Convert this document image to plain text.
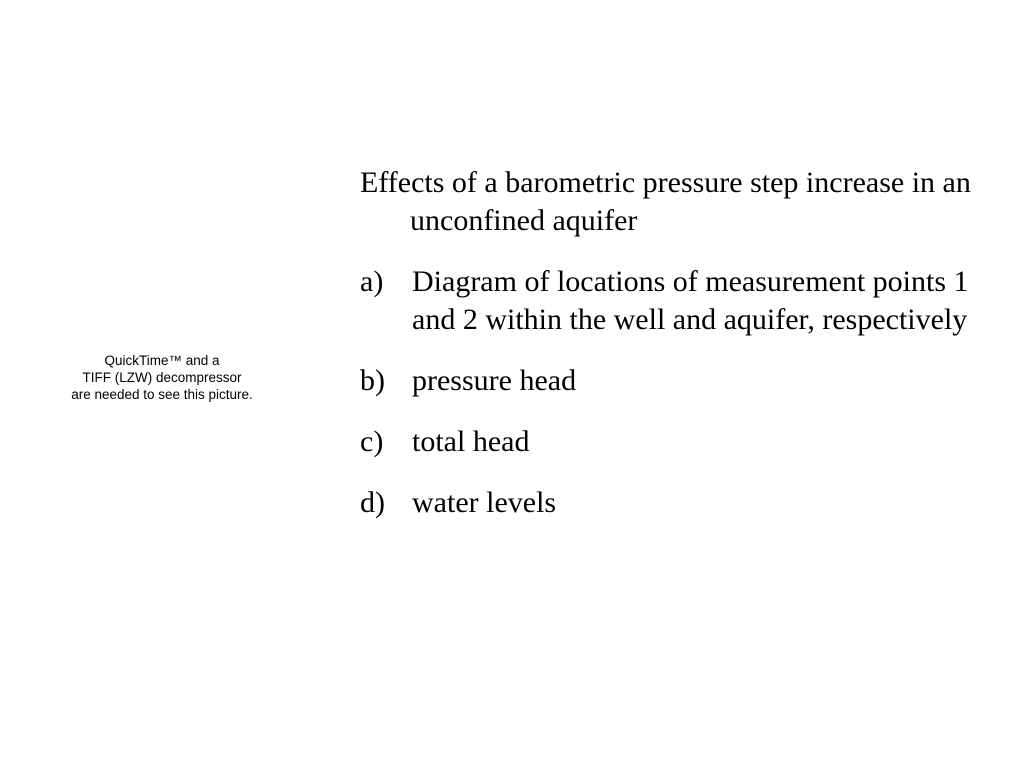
QuickTime™ and a
TIFF (LZW) decompressor
are needed to see this picture.
Effects of a barometric pressure step increase in an unconfined aquifer
a) Diagram of locations of measurement points 1 and 2 within the well and aquifer, respectively
b) pressure head
c) total head
d) water levels
